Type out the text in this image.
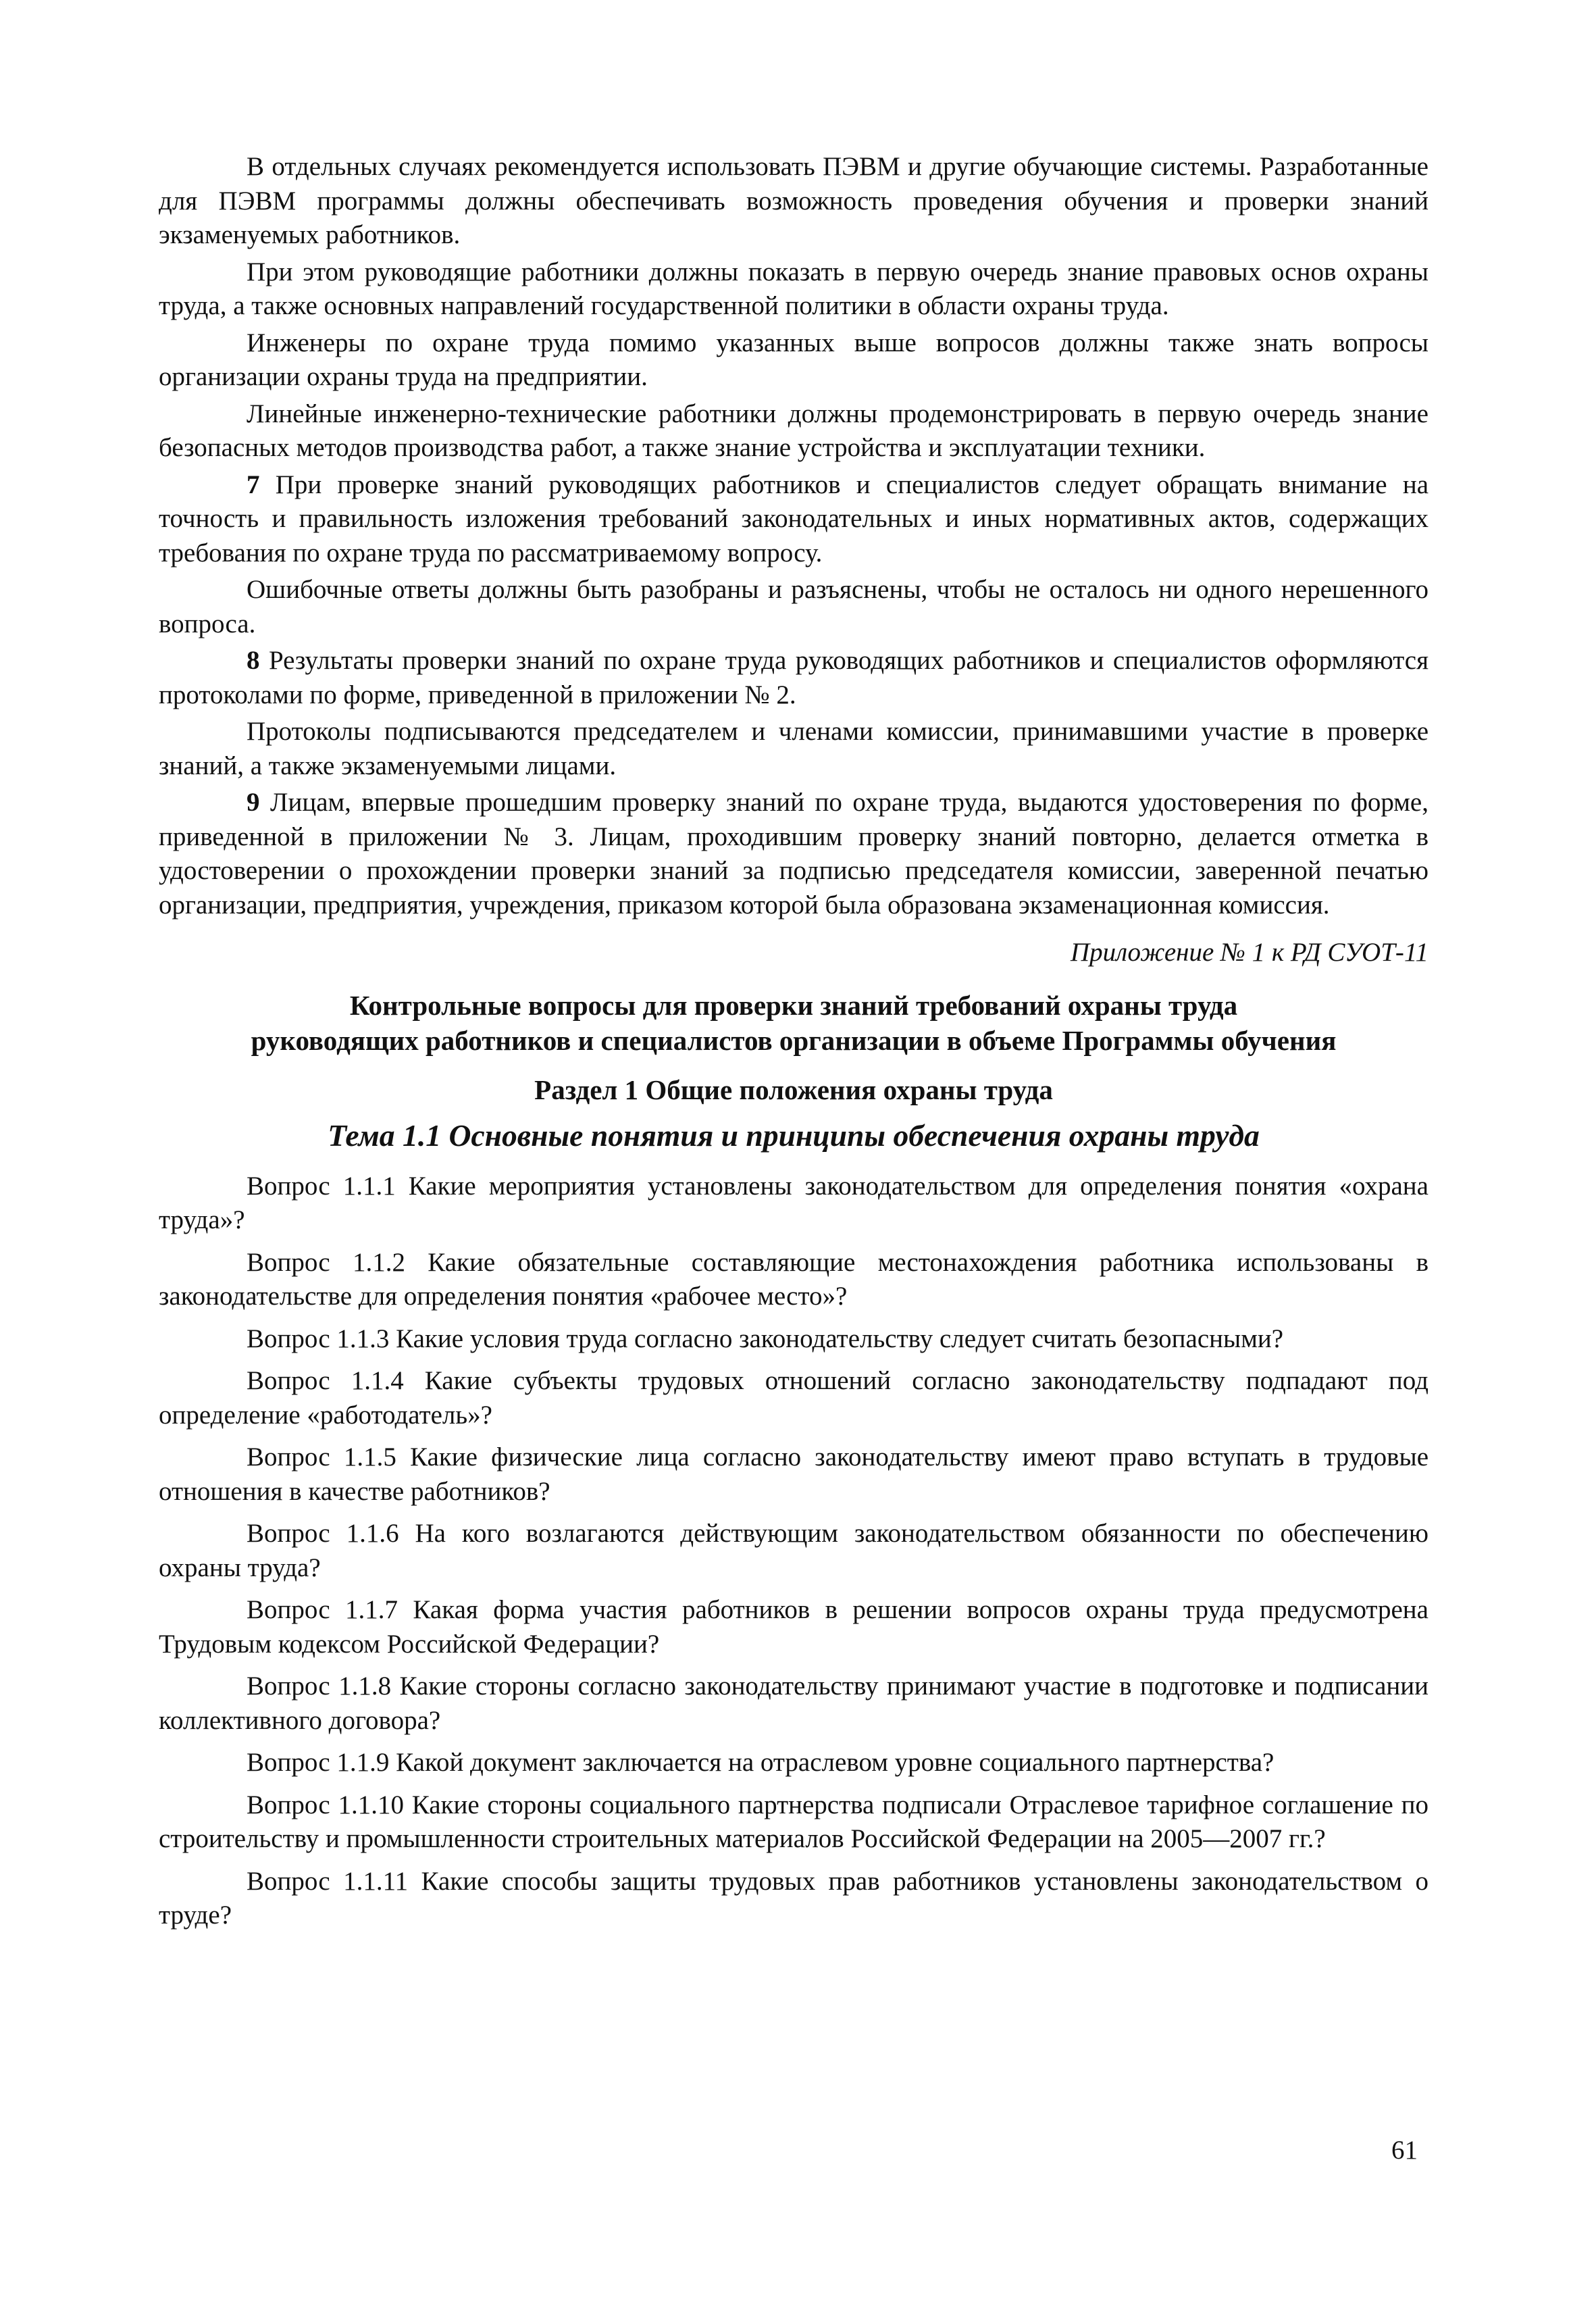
В отдельных случаях рекомендуется использовать ПЭВМ и другие обучающие системы. Разработанные для ПЭВМ программы должны обеспечивать возможность проведения обучения и проверки знаний экзаменуемых работников.

При этом руководящие работники должны показать в первую очередь знание правовых основ охраны труда, а также основных направлений государственной политики в области охраны труда.

Инженеры по охране труда помимо указанных выше вопросов должны также знать вопросы организации охраны труда на предприятии.

Линейные инженерно-технические работники должны продемонстрировать в первую очередь знание безопасных методов производства работ, а также знание устройства и эксплуатации техники.

7 При проверке знаний руководящих работников и специалистов следует обращать внимание на точность и правильность изложения требований законодательных и иных нормативных актов, содержащих требования по охране труда по рассматриваемому вопросу.

Ошибочные ответы должны быть разобраны и разъяснены, чтобы не осталось ни одного нерешенного вопроса.

8 Результаты проверки знаний по охране труда руководящих работников и специалистов оформляются протоколами по форме, приведенной в приложении № 2.

Протоколы подписываются председателем и членами комиссии, принимавшими участие в проверке знаний, а также экзаменуемыми лицами.

9 Лицам, впервые прошедшим проверку знаний по охране труда, выдаются удостоверения по форме, приведенной в приложении № 3. Лицам, проходившим проверку знаний повторно, делается отметка в удостоверении о прохождении проверки знаний за подписью председателя комиссии, заверенной печатью организации, предприятия, учреждения, приказом которой была образована экзаменационная комиссия.

Приложение № 1 к РД СУОТ-11

Контрольные вопросы для проверки знаний требований охраны труда
руководящих работников и специалистов организации в объеме Программы обучения
Раздел 1 Общие положения охраны труда
Тема 1.1 Основные понятия и принципы обеспечения охраны труда

Вопрос 1.1.1 Какие мероприятия установлены законодательством для определения понятия «охрана труда»?

Вопрос 1.1.2 Какие обязательные составляющие местонахождения работника использованы в законодательстве для определения понятия «рабочее место»?

Вопрос 1.1.3 Какие условия труда согласно законодательству следует считать безопасными?

Вопрос 1.1.4 Какие субъекты трудовых отношений согласно законодательству подпадают под определение «работодатель»?

Вопрос 1.1.5 Какие физические лица согласно законодательству имеют право вступать в трудовые отношения в качестве работников?

Вопрос 1.1.6 На кого возлагаются действующим законодательством обязанности по обеспечению охраны труда?

Вопрос 1.1.7 Какая форма участия работников в решении вопросов охраны труда предусмотрена Трудовым кодексом Российской Федерации?

Вопрос 1.1.8 Какие стороны согласно законодательству принимают участие в подготовке и подписании коллективного договора?

Вопрос 1.1.9 Какой документ заключается на отраслевом уровне социального партнерства?

Вопрос 1.1.10 Какие стороны социального партнерства подписали Отраслевое тарифное соглашение по строительству и промышленности строительных материалов Российской Федерации на 2005—2007 гг.?

Вопрос 1.1.11 Какие способы защиты трудовых прав работников установлены законодательством о труде?

61
